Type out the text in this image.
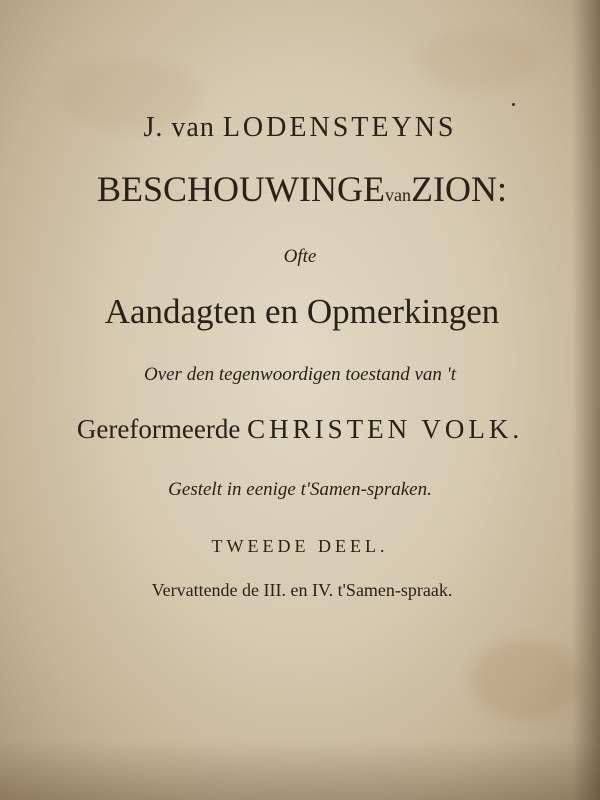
J. van LODENSTEYNS
BESCHOUWINGEvanZION:
Ofte
Aandagten en Opmerkingen
Over den tegenwoordigen toestand van 't
Gereformeerde CHRISTEN VOLK.
Gestelt in eenige t'Samen-spraken.
TWEEDE DEEL.
Vervattende de III. en IV. t'Samen-spraak.
